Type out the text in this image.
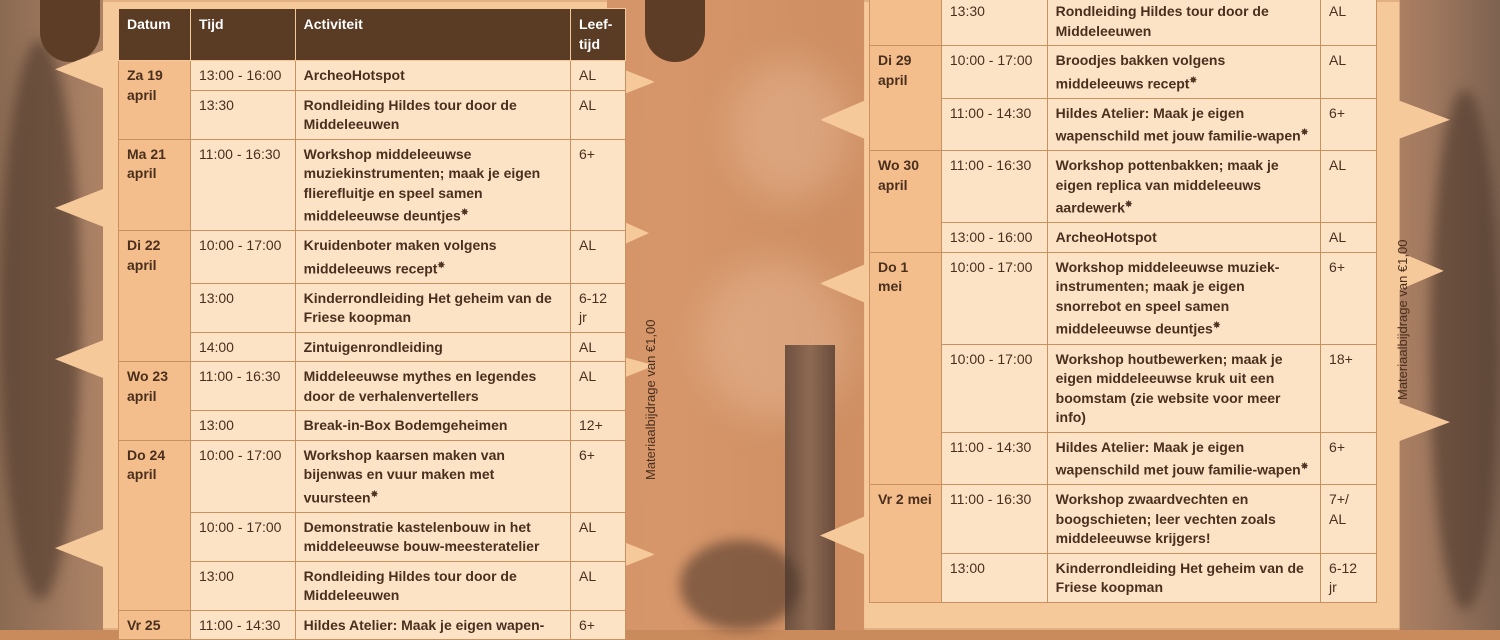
Datum	Tijd	Activiteit	Leef-tijd
Za 19 april	13:00 - 16:00	ArcheoHotspot	AL
	13:30	Rondleiding Hildes tour door de Middeleeuwen	AL
Ma 21 april	11:00 - 16:30	Workshop middeleeuwse muziekinstrumenten; maak je eigen flierefluitje en speel samen middeleeuwse deuntjes✵	6+
Di 22 april	10:00 - 17:00	Kruidenboter maken volgens middeleeuws recept✵	AL
	13:00	Kinderrondleiding Het geheim van de Friese koopman	6-12 jr
	14:00	Zintuigenrondleiding	AL
Wo 23 april	11:00 - 16:30	Middeleeuwse mythes en legendes door de verhalenvertellers	AL
	13:00	Break-in-Box Bodemgeheimen	12+
Do 24 april	10:00 - 17:00	Workshop kaarsen maken van bijenwas en vuur maken met vuursteen✵	6+
	10:00 - 17:00	Demonstratie kastelenbouw in het middeleeuwse bouw-meesteratelier	AL
	13:00	Rondleiding Hildes tour door de Middeleeuwen	AL
Vr 25	11:00 - 14:30	Hildes Atelier: Maak je eigen wapen-	6+
	13:30	Rondleiding Hildes tour door de Middeleeuwen	AL
Di 29 april	10:00 - 17:00	Broodjes bakken volgens middeleeuws recept✵	AL
	11:00 - 14:30	Hildes Atelier: Maak je eigen wapenschild met jouw familie-wapen✵	6+
Wo 30 april	11:00 - 16:30	Workshop pottenbakken; maak je eigen replica van middeleeuws aardewerk✵	AL
	13:00 - 16:00	ArcheoHotspot	AL
Do 1 mei	10:00 - 17:00	Workshop middeleeuwse muziek-instrumenten; maak je eigen snorrebot en speel samen middeleeuwse deuntjes✵	6+
	10:00 - 17:00	Workshop houtbewerken; maak je eigen middeleeuwse kruk uit een boomstam (zie website voor meer info)	18+
	11:00 - 14:30	Hildes Atelier: Maak je eigen wapenschild met jouw familie-wapen✵	6+
Vr 2 mei	11:00 - 16:30	Workshop zwaardvechten en boogschieten; leer vechten zoals middeleeuwse krijgers!	7+/ AL
	13:00	Kinderrondleiding Het geheim van de Friese koopman	6-12 jr
Materiaalbijdrage van €1,00	Materiaalbijdrage van €1,00
